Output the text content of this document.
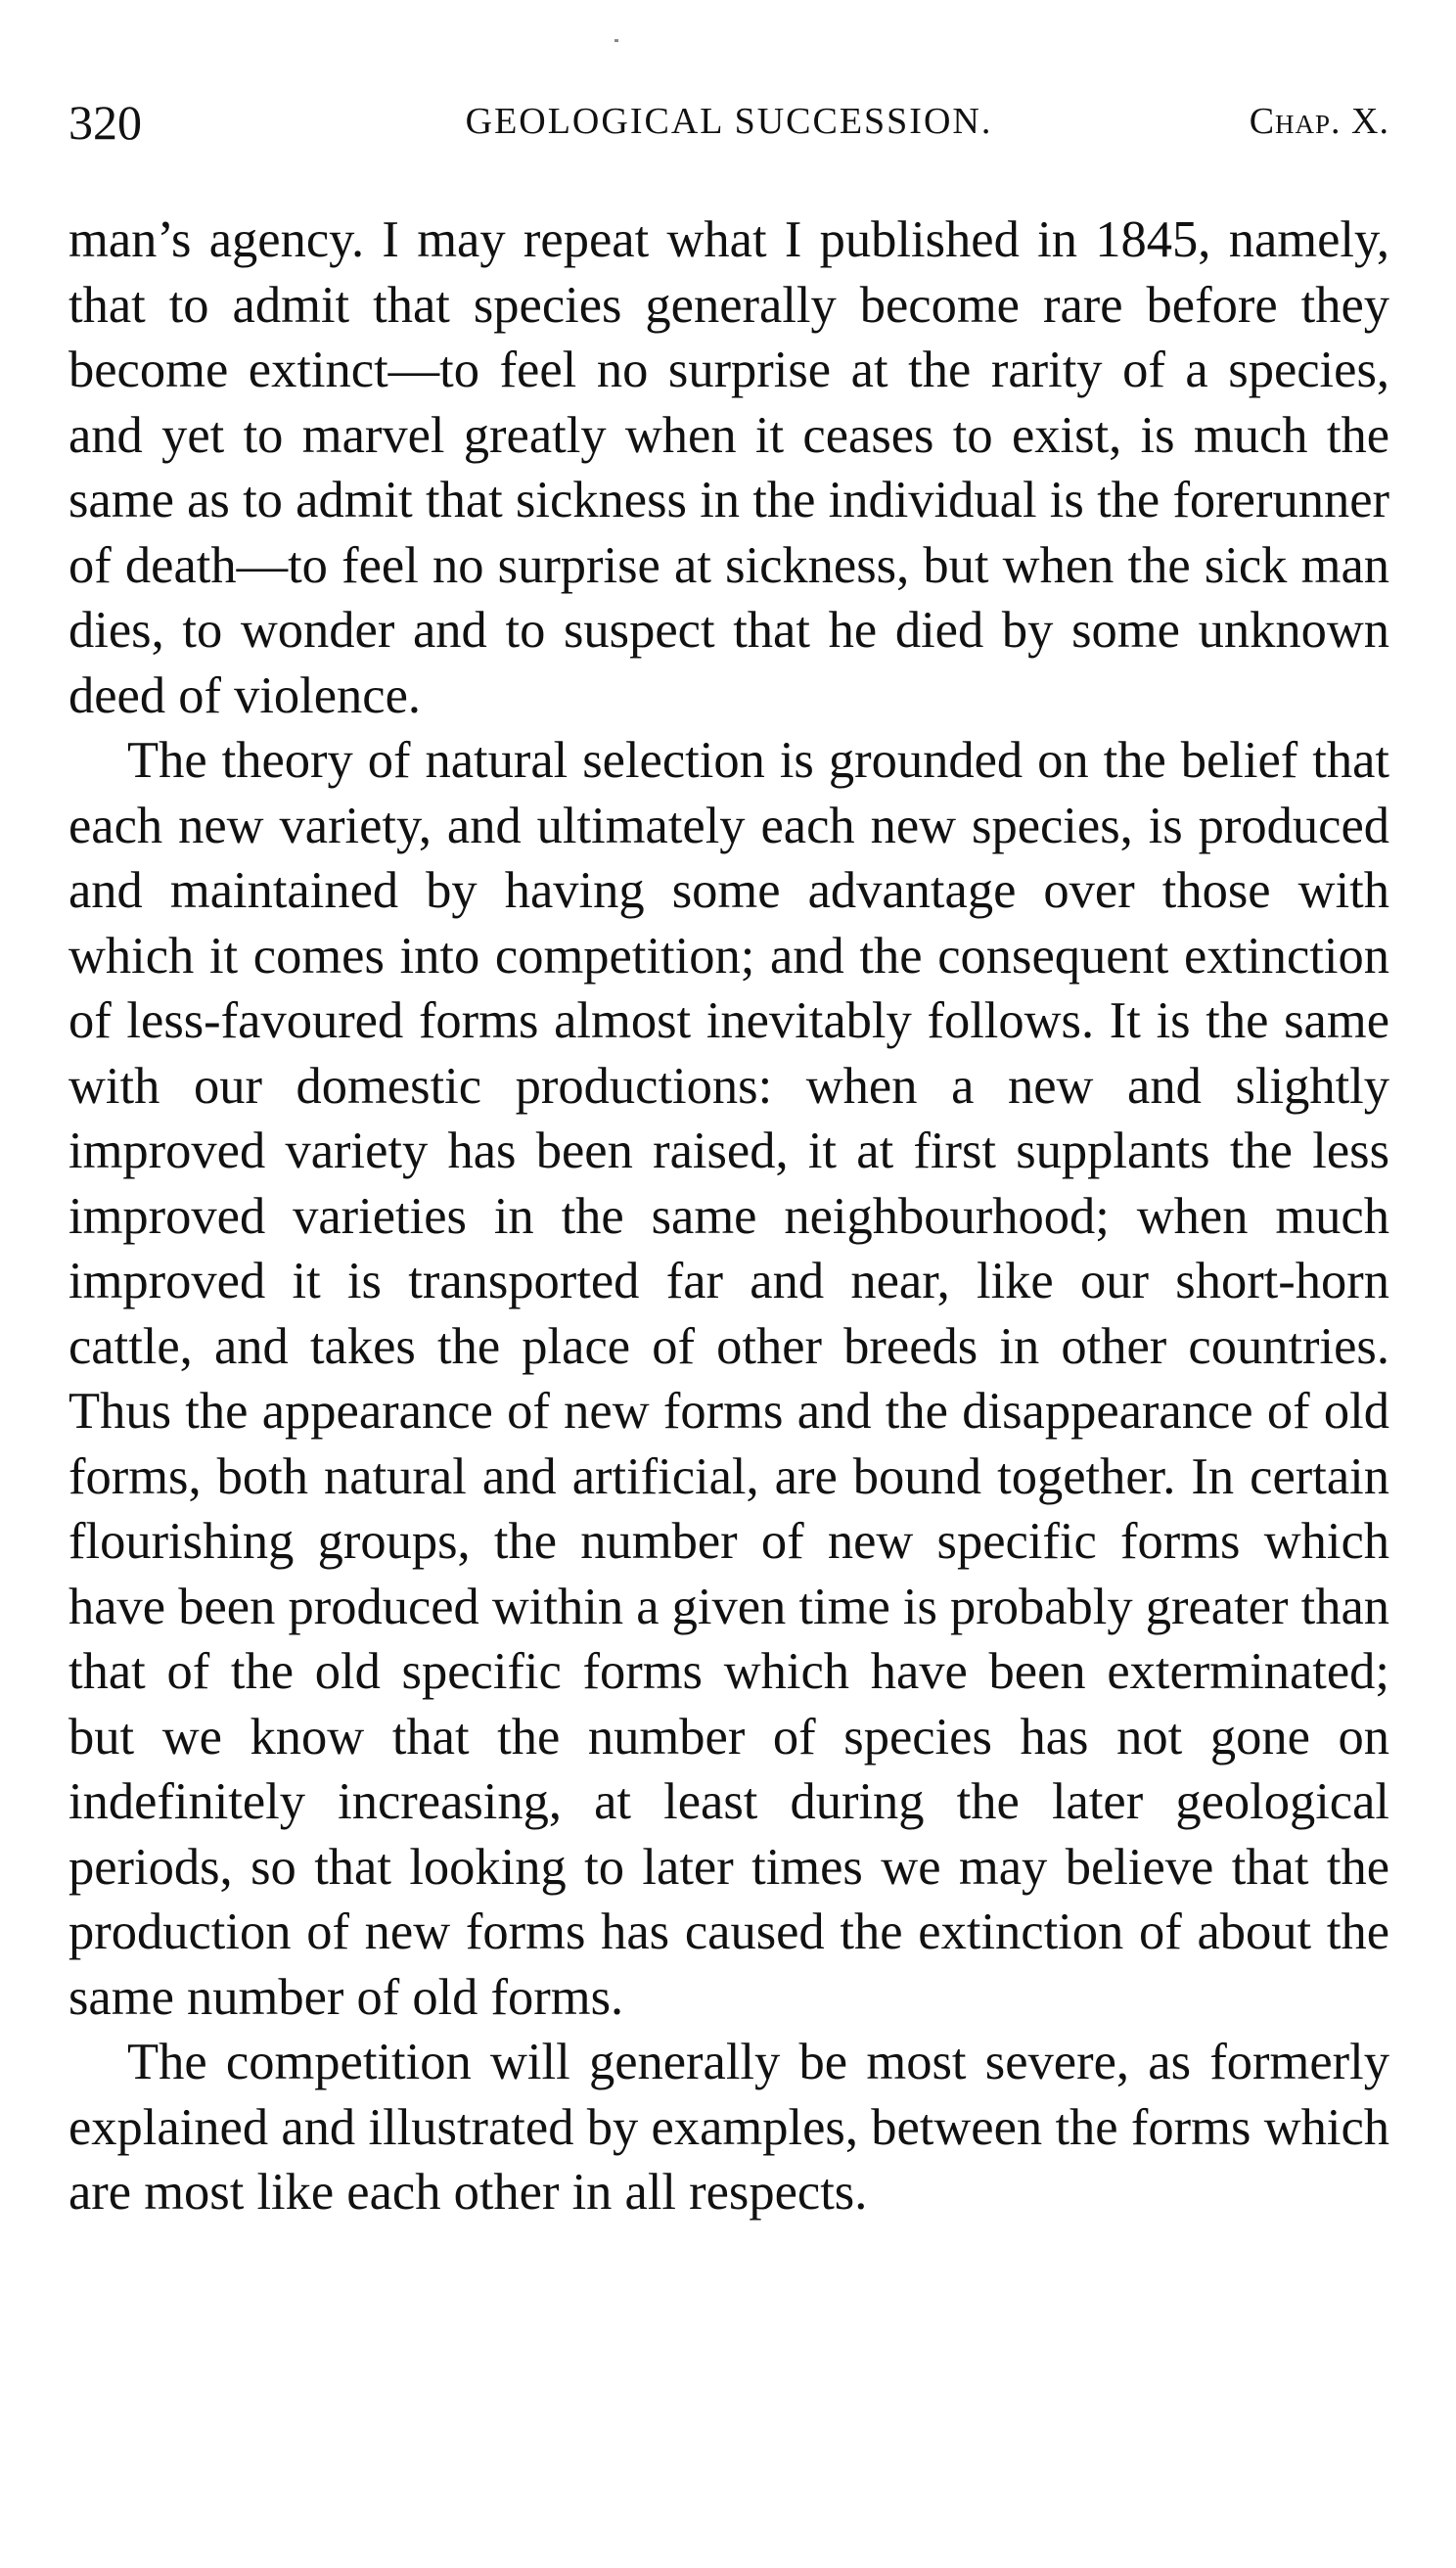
320	GEOLOGICAL SUCCESSION.	Chap. X.

man’s agency. I may repeat what I published in 1845, namely, that to admit that species generally become rare before they become extinct—to feel no surprise at the rarity of a species, and yet to marvel greatly when it ceases to exist, is much the same as to admit that sickness in the individual is the forerunner of death—to feel no surprise at sickness, but when the sick man dies, to wonder and to suspect that he died by some unknown deed of violence.

The theory of natural selection is grounded on the belief that each new variety, and ultimately each new species, is produced and maintained by having some advantage over those with which it comes into competition; and the consequent extinction of less-favoured forms almost inevitably follows. It is the same with our domestic productions: when a new and slightly improved variety has been raised, it at first supplants the less improved varieties in the same neighbourhood; when much improved it is transported far and near, like our short-horn cattle, and takes the place of other breeds in other countries. Thus the appearance of new forms and the disappearance of old forms, both natural and artificial, are bound together. In certain flourishing groups, the number of new specific forms which have been produced within a given time is probably greater than that of the old specific forms which have been exterminated; but we know that the number of species has not gone on indefinitely increasing, at least during the later geological periods, so that looking to later times we may believe that the production of new forms has caused the extinction of about the same number of old forms.

The competition will generally be most severe, as formerly explained and illustrated by examples, between the forms which are most like each other in all respects.
